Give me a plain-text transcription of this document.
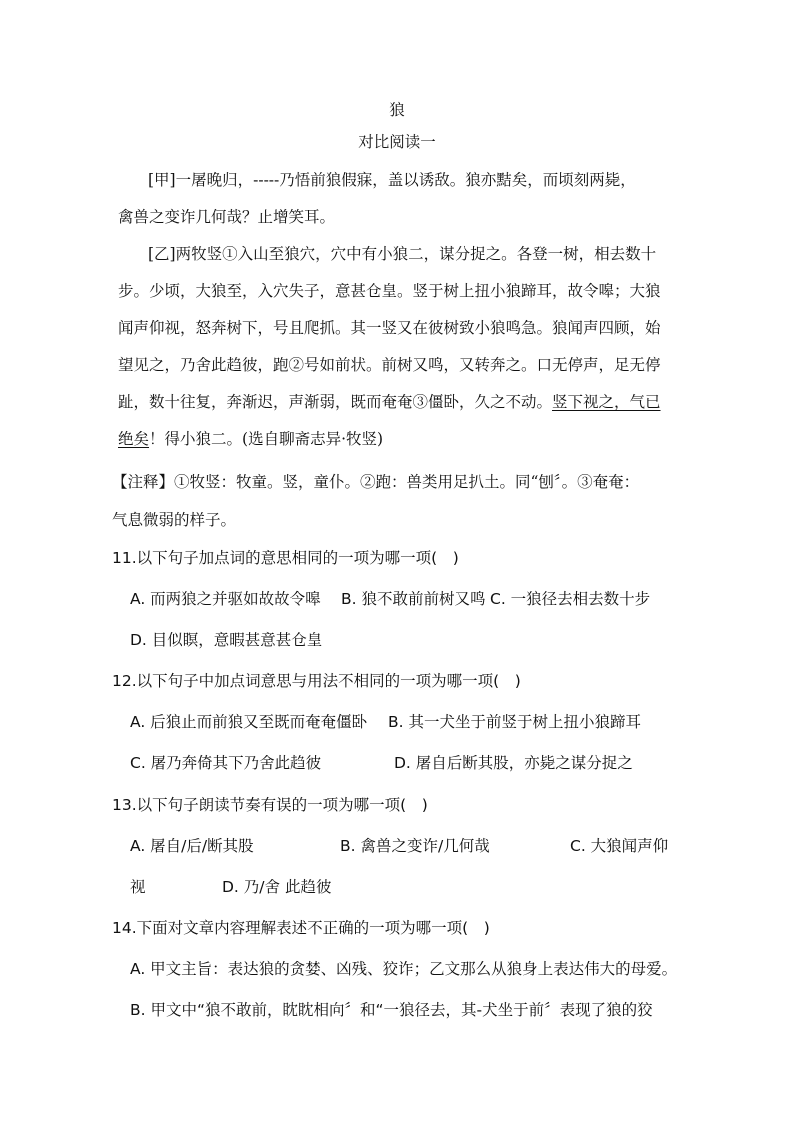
狼
对比阅读一
[甲]一屠晚归，-----乃悟前狼假寐，盖以诱敌。狼亦黠矣，而顷刻两毙，
禽兽之变诈几何哉？止增笑耳。
[乙]两牧竖①入山至狼穴，穴中有小狼二，谋分捉之。各登一树，相去数十
步。少顷，大狼至，入穴失子，意甚仓皇。竖于树上扭小狼蹄耳，故令嗥；大狼
闻声仰视，怒奔树下，号且爬抓。其一竖又在彼树致小狼鸣急。狼闻声四顾，始
望见之，乃舍此趋彼，跑②号如前状。前树又鸣，又转奔之。口无停声，足无停
趾，数十往复，奔渐迟，声渐弱，既而奄奄③僵卧，久之不动。竖下视之，气已
绝矣！得小狼二。(选自聊斋志异·牧竖)
【注释】①牧竖：牧童。竖，童仆。②跑：兽类用足扒土。同“刨〞。③奄奄：
气息微弱的样子。
11.以下句子加点词的意思相同的一项为哪一项(　)
A. 而两狼之并驱如故故令嗥 B. 狼不敢前前树又鸣 C. 一狼径去相去数十步
D. 目似瞑，意暇甚意甚仓皇
12.以下句子中加点词意思与用法不相同的一项为哪一项(　)
A. 后狼止而前狼又至既而奄奄僵卧 B. 其一犬坐于前竖于树上扭小狼蹄耳
C. 屠乃奔倚其下乃舍此趋彼	D. 屠自后断其股，亦毙之谋分捉之
13.以下句子朗读节奏有误的一项为哪一项(　)
A. 屠自/后/断其股	B. 禽兽之变诈/几何哉	C. 大狼闻声仰
视	D. 乃/舍 此趋彼
14.下面对文章内容理解表述不正确的一项为哪一项(　)
A. 甲文主旨：表达狼的贪婪、凶残、狡诈；乙文那么从狼身上表达伟大的母爱。
B. 甲文中“狼不敢前，眈眈相向〞和“一狼径去，其-犬坐于前〞表现了狼的狡
